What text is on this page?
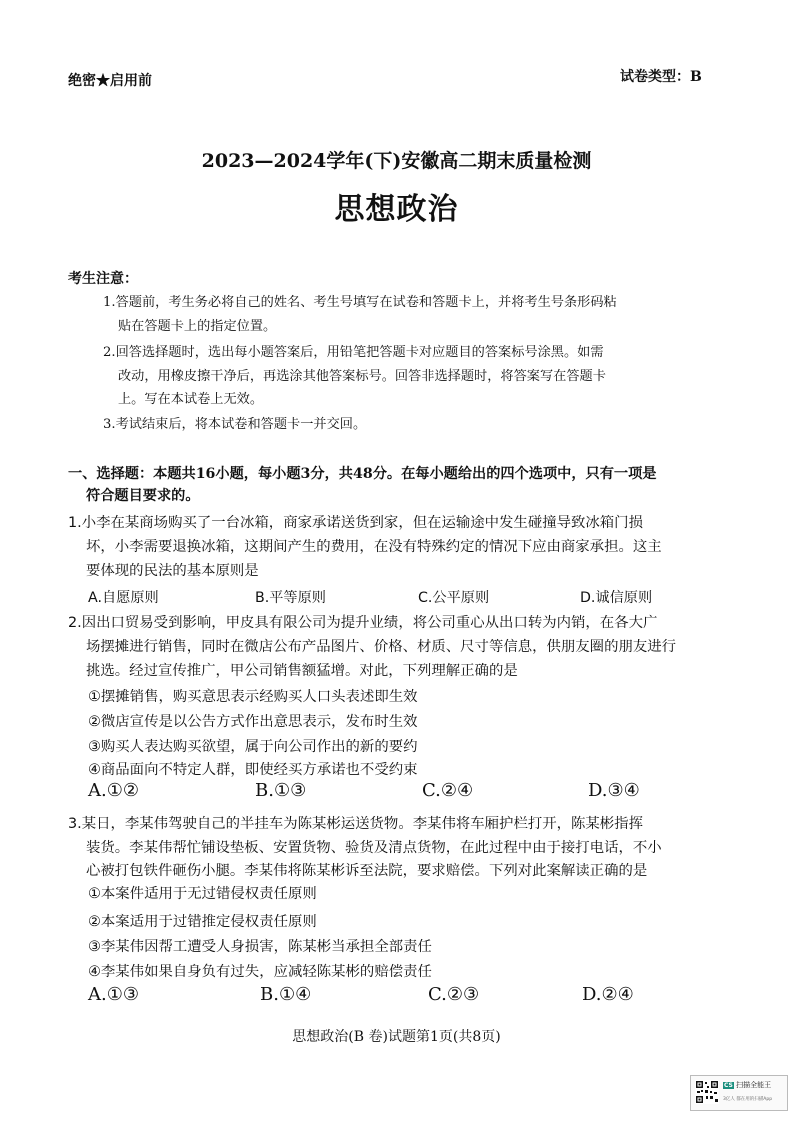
绝密★启用前	试卷类型：B
2023—2024学年(下)安徽高二期末质量检测
思想政治
考生注意：
1.答题前，考生务必将自己的姓名、考生号填写在试卷和答题卡上，并将考生号条形码粘
贴在答题卡上的指定位置。
2.回答选择题时，选出每小题答案后，用铅笔把答题卡对应题目的答案标号涂黑。如需
改动，用橡皮擦干净后，再选涂其他答案标号。回答非选择题时，将答案写在答题卡
上。写在本试卷上无效。
3.考试结束后，将本试卷和答题卡一并交回。
一、选择题：本题共16小题，每小题3分，共48分。在每小题给出的四个选项中，只有一项是
符合题目要求的。
1.小李在某商场购买了一台冰箱，商家承诺送货到家，但在运输途中发生碰撞导致冰箱门损
坏，小李需要退换冰箱，这期间产生的费用，在没有特殊约定的情况下应由商家承担。这主
要体现的民法的基本原则是
A.自愿原则	B.平等原则	C.公平原则	D.诚信原则
2.因出口贸易受到影响，甲皮具有限公司为提升业绩，将公司重心从出口转为内销，在各大广
场摆摊进行销售，同时在微店公布产品图片、价格、材质、尺寸等信息，供朋友圈的朋友进行
挑选。经过宣传推广，甲公司销售额猛增。对此，下列理解正确的是
①摆摊销售，购买意思表示经购买人口头表述即生效
②微店宣传是以公告方式作出意思表示，发布时生效
③购买人表达购买欲望，属于向公司作出的新的要约
④商品面向不特定人群，即使经买方承诺也不受约束
A.①②	B.①③	C.②④	D.③④
3.某日，李某伟驾驶自己的半挂车为陈某彬运送货物。李某伟将车厢护栏打开，陈某彬指挥
装货。李某伟帮忙铺设垫板、安置货物、验货及清点货物，在此过程中由于接打电话，不小
心被打包铁件砸伤小腿。李某伟将陈某彬诉至法院，要求赔偿。下列对此案解读正确的是
①本案件适用于无过错侵权责任原则
②本案适用于过错推定侵权责任原则
③李某伟因帮工遭受人身损害，陈某彬当承担全部责任
④李某伟如果自身负有过失，应减轻陈某彬的赔偿责任
A.①③	B.①④	C.②③	D.②④
思想政治(B 卷)试题第1页(共8页)
CS 扫描全能王
3亿人 都在用的扫描App
